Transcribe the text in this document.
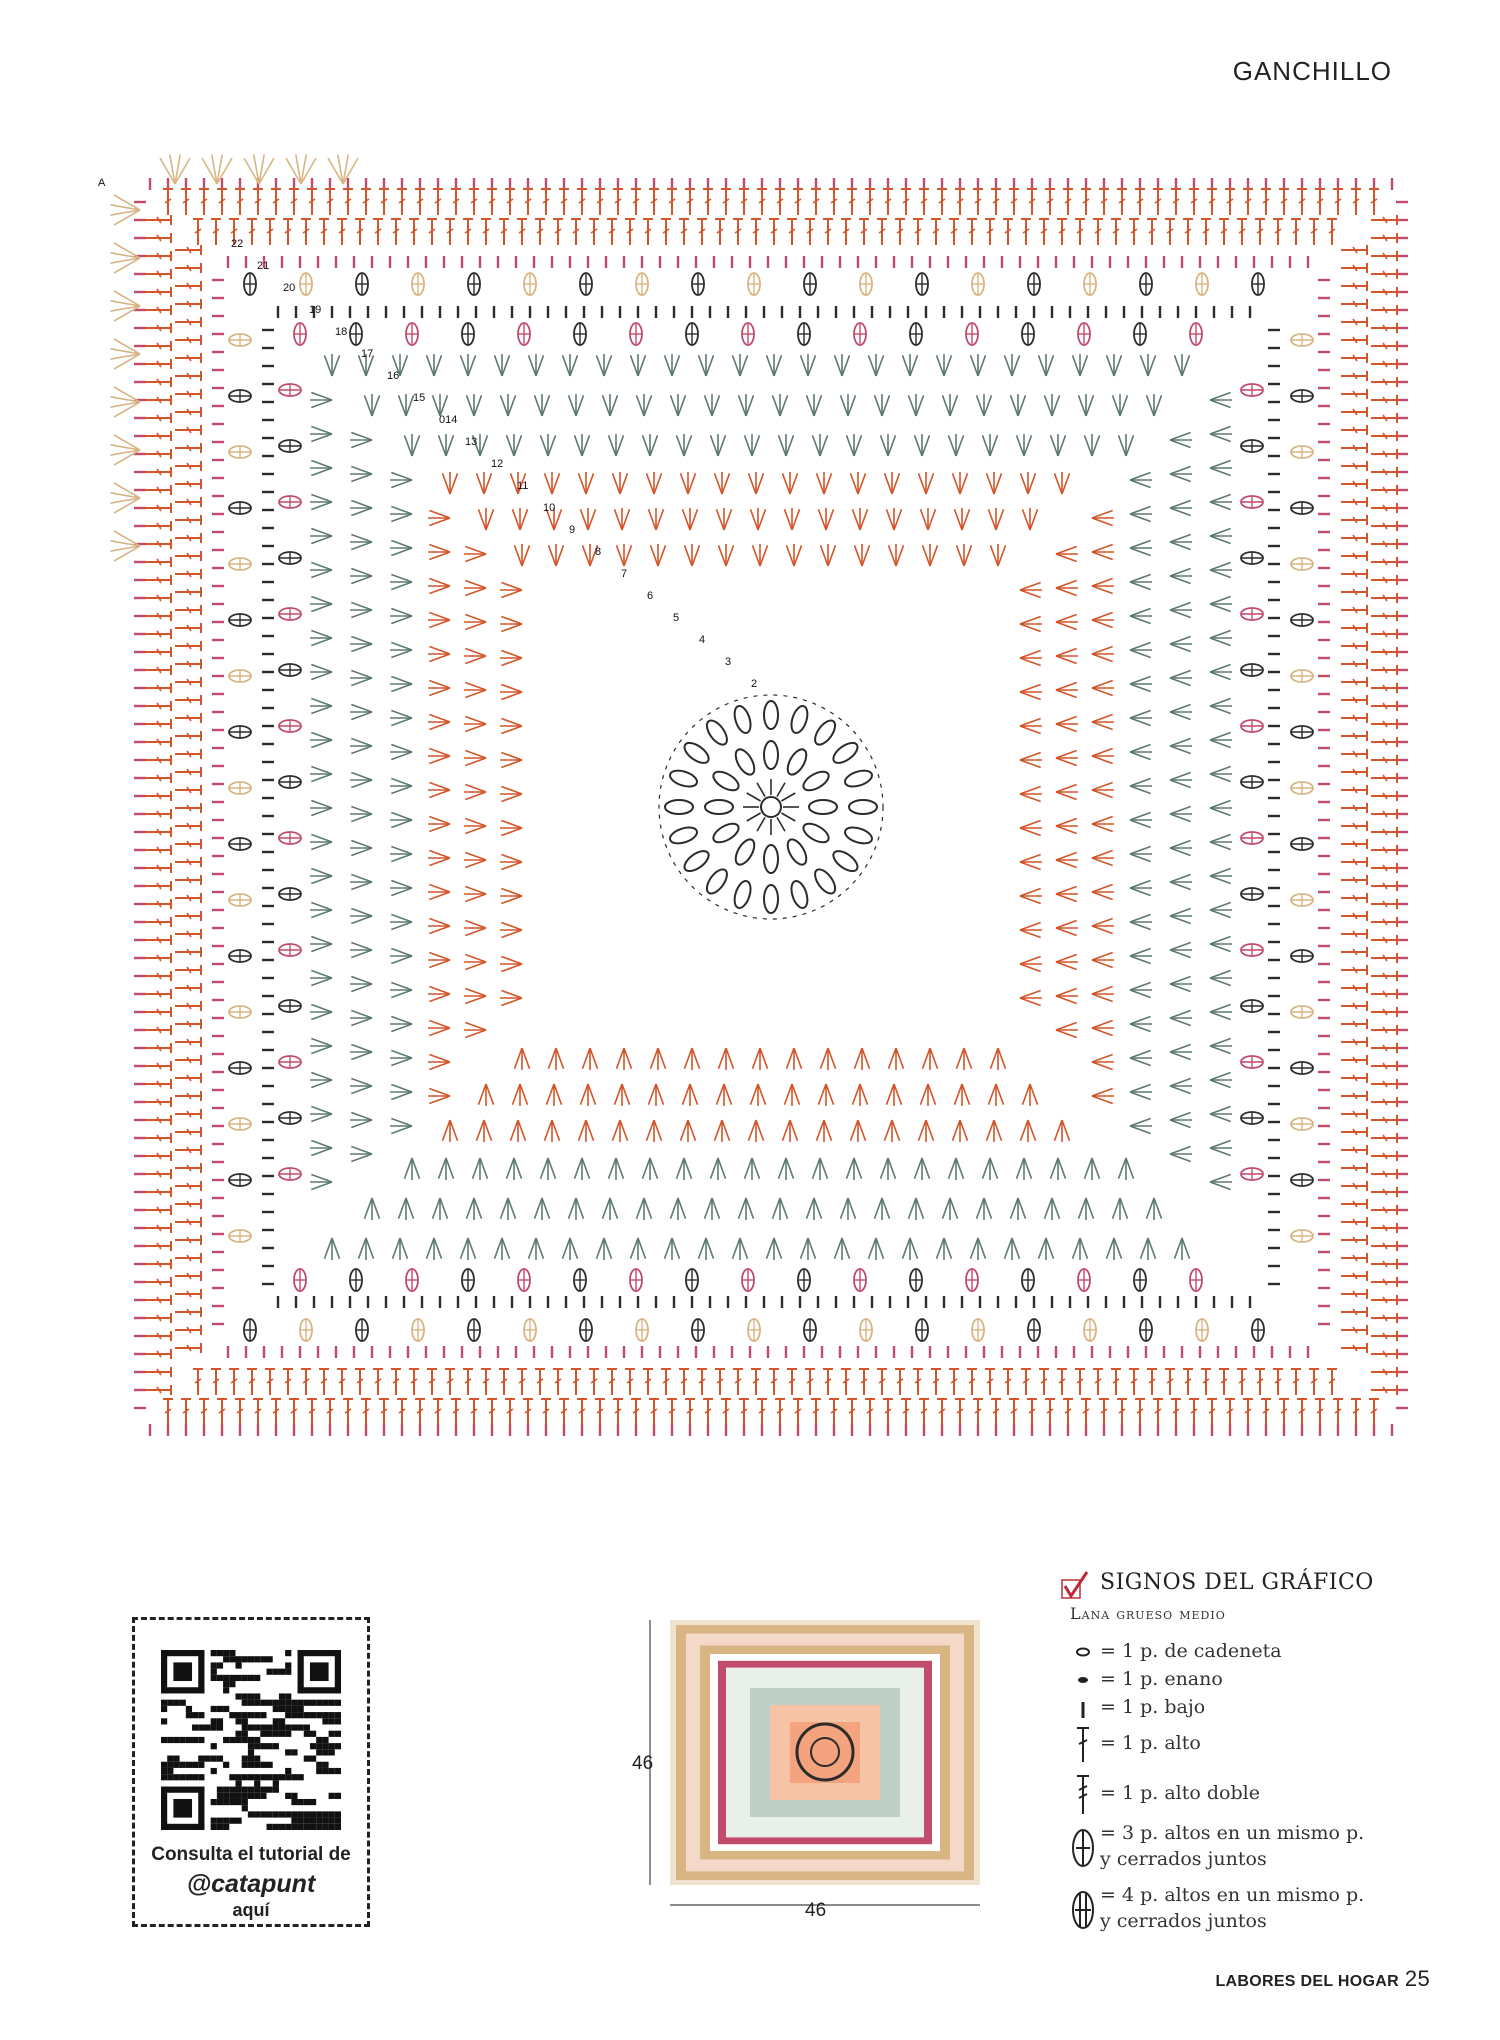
GANCHILLO
2
3
4
5
6
7
8
9
10
11
12
13
014
15
16
17
18
19
20
21
22
A
Consulta el tutorial de
@catapunt
aquí
46
46
SIGNOS DEL GRÁFICO
Lana grueso medio
= 1 p. de cadeneta
= 1 p. enano
= 1 p. bajo
= 1 p. alto
= 1 p. alto doble
= 3 p. altos en un mismo p.
y cerrados juntos
= 4 p. altos en un mismo p.
y cerrados juntos
LABORES DEL HOGAR 25
